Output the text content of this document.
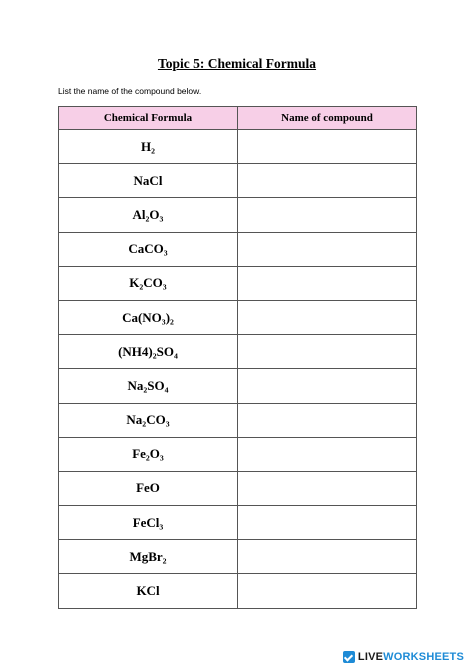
Topic 5: Chemical Formula
List the name of the compound below.
Chemical Formula	Name of compound
H₂	
NaCl	
Al₂O₃	
CaCO₃	
K₂CO₃	
Ca(NO₃)₂	
(NH4)₂SO₄	
Na₂SO₄	
Na₂CO₃	
Fe₂O₃	
FeO	
FeCl₃	
MgBr₂	
KCl	
LIVEWORKSHEETS
